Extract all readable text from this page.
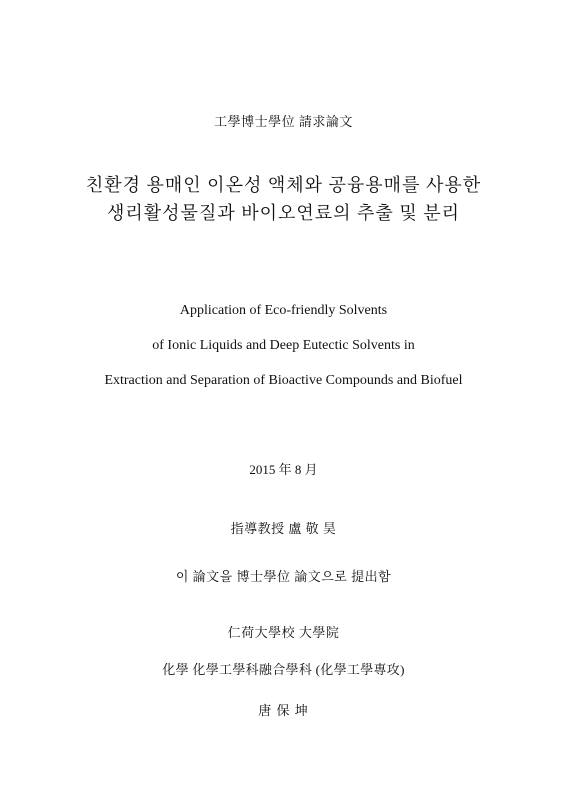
工學博士學位 請求論文
친환경 용매인 이온성 액체와 공융용매를 사용한
생리활성물질과 바이오연료의 추출 및 분리
Application of Eco-friendly Solvents
of Ionic Liquids and Deep Eutectic Solvents in
Extraction and Separation of Bioactive Compounds and Biofuel
2015 年 8 月
指導教授 盧 敬 昊
이 論文을 博士學位 論文으로 提出함
仁荷大學校 大學院
化學 化學工學科融合學科 (化學工學專攻)
唐 保 坤
